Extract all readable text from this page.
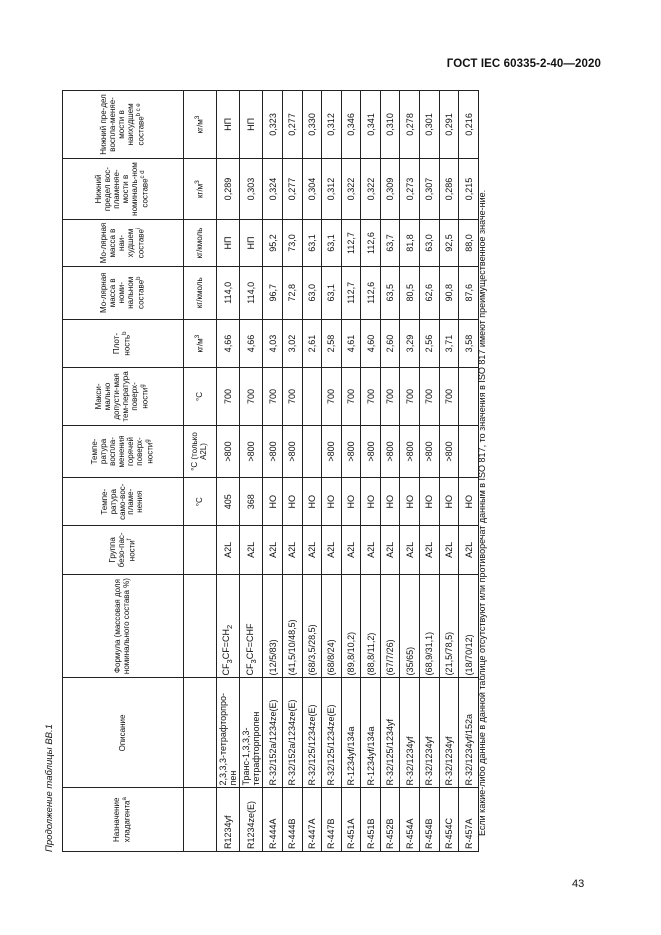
ГОСТ IEC 60335-2-40—2020
Продолжение таблицы ВВ.1	Назначение хладагента$^a$	Описание	Формула (массовая доля номинального состава %)	Группа безо-пас-ности$^f$	Темпе-ратура само-вос-пламе-нения	Темпе-ратура воспла-менения горячей поверх-ности$^g$	Макси-мально допусти-мая тем-пература поверх-ности$^g$	Плот-ность$^b$	Мо-лярная масса в номи-нальном составе$^b$	Мо-лярная масса в наи-худшем составе$^i$	Нижний предел вос-пламеняе-мости в номиналь-ном составе$^{c d}$	Нижний пре-дел воспла-меняе-мости в наихудшем составе$^{b c e}$
				°C	°C (только A2L)	°C	$кг/м^3$	кг/кмоль	кг/кмоль	$кг/м^3$	$кг/м^3$
R1234yf	2,3,3,3-тетрафторпро-пен	$CF_3CF=CH_2$	A2L	405	>800	700	4,66	114,0	НП	0,289	НП
R1234ze(E)	Транс-1,3,3,3-тетрафторпропен	$CF_3CF=CHF$	A2L	368	>800	700	4,66	114,0	НП	0,303	НП
R-444A	R-32/152a/1234ze(E)	(12/5/83)	A2L	НО	>800	700	4,03	96,7	95,2	0,324	0,323
R-444B	R-32/152a/1234ze(E)	(41,5/10/48,5)	A2L	НО	>800	700	3,02	72,8	73,0	0,277	0,277
R-447A	R-32/125/1234ze(E)	(68/3,5/28,5)	A2L	НО			2,61	63,0	63,1	0,304	0,330
R-447B	R-32/125/1234ze(E)	(68/8/24)	A2L	НО	>800	700	2,58	63,1	63,1	0,312	0,312
R-451A	R-1234yf/134a	(89,8/10,2)	A2L	НО	>800	700	4,61	112,7	112,7	0,322	0,346
R-451B	R-1234yf/134a	(88,8/11,2)	A2L	НО	>800	700	4,60	112,6	112,6	0,322	0,341
R-452B	R-32/125/1234yf	(67/7/26)	A2L	НО	>800	700	2,60	63,5	63,7	0,309	0,310
R-454A	R-32/1234yf	(35/65)	A2L	НО	>800	700	3,29	80,5	81,8	0,273	0,278
R-454B	R-32/1234yf	(68,9/31,1)	A2L	НО	>800	700	2,56	62,6	63,0	0,307	0,301
R-454C	R-32/1234yf	(21,5/78,5)	A2L	НО	>800	700	3,71	90,8	92,5	0,286	0,291
R-457A	R-32/1234yf/152a	(18/70/12)	A2L	НО			3,58	87,6	88,0	0,215	0,216
Если какие-либо данные в данной таблице отсутствуют или противоречат данным в ISO 817, то значения в ISO 817 имеют преимущественное значе-ние.
43
